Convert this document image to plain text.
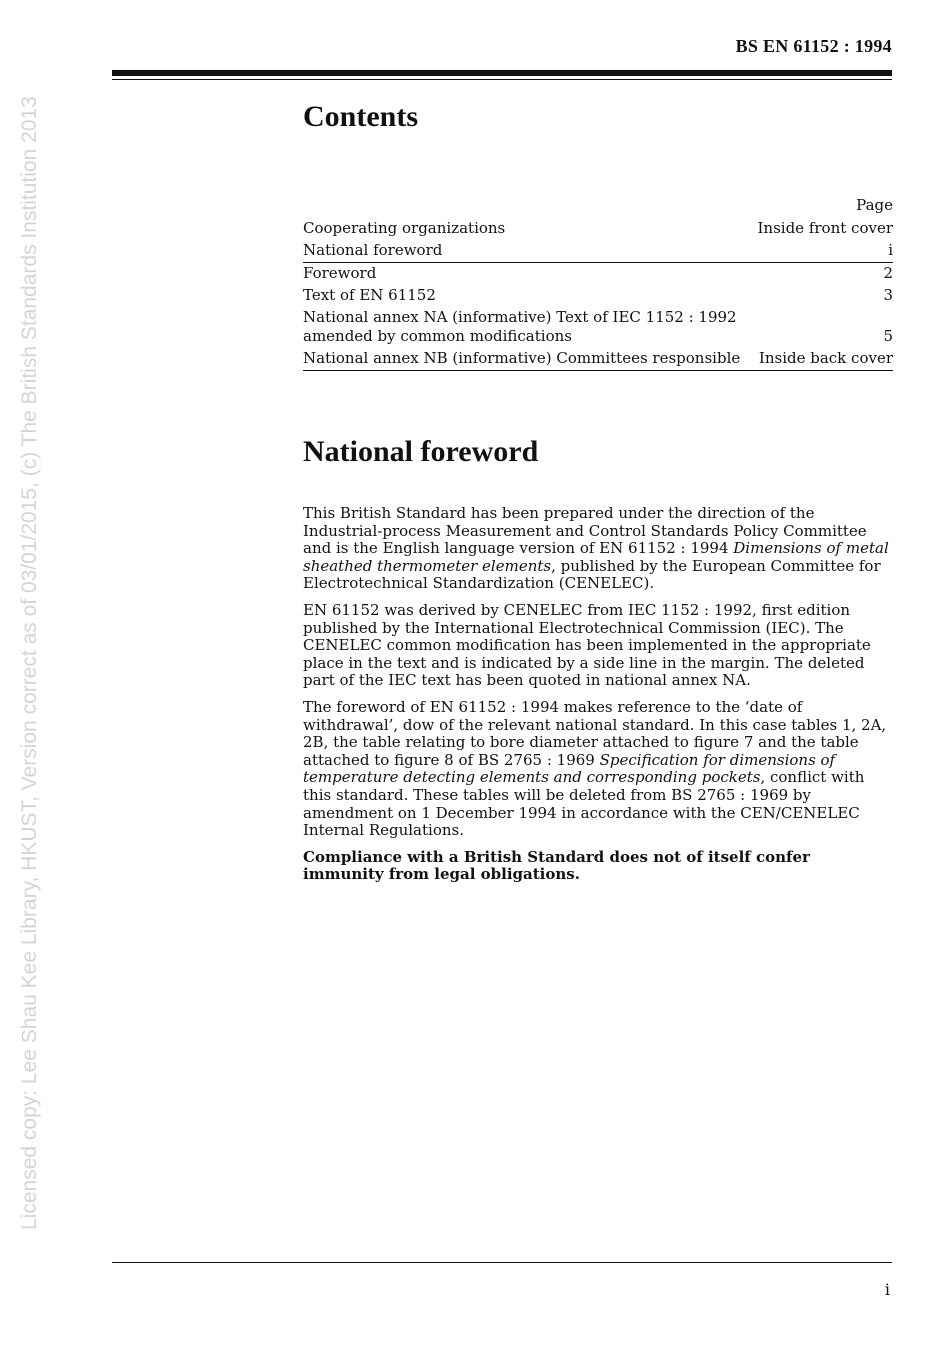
BS EN 61152 : 1994
Licensed copy: Lee Shau Kee Library, HKUST, Version correct as of 03/01/2015, (c) The British Standards Institution 2013	Contents
Page
Cooperating organizations	Inside front cover
National foreword	i
Foreword	2
Text of EN 61152	3
National annex NA (informative) Text of IEC 1152 : 1992 amended by common modifications	5
National annex NB (informative) Committees responsible	Inside back cover
National foreword

This British Standard has been prepared under the direction of the Industrial-process Measurement and Control Standards Policy Committee and is the English language version of EN 61152 : 1994 Dimensions of metal sheathed thermometer elements, published by the European Committee for Electrotechnical Standardization (CENELEC).

EN 61152 was derived by CENELEC from IEC 1152 : 1992, first edition published by the International Electrotechnical Commission (IEC). The CENELEC common modification has been implemented in the appropriate place in the text and is indicated by a side line in the margin. The deleted part of the IEC text has been quoted in national annex NA.

The foreword of EN 61152 : 1994 makes reference to the ‘date of withdrawal’, dow of the relevant national standard. In this case tables 1, 2A, 2B, the table relating to bore diameter attached to figure 7 and the table attached to figure 8 of BS 2765 : 1969 Specification for dimensions of temperature detecting elements and corresponding pockets, conflict with this standard. These tables will be deleted from BS 2765 : 1969 by amendment on 1 December 1994 in accordance with the CEN/CENELEC Internal Regulations.

Compliance with a British Standard does not of itself confer immunity from legal obligations.

i
